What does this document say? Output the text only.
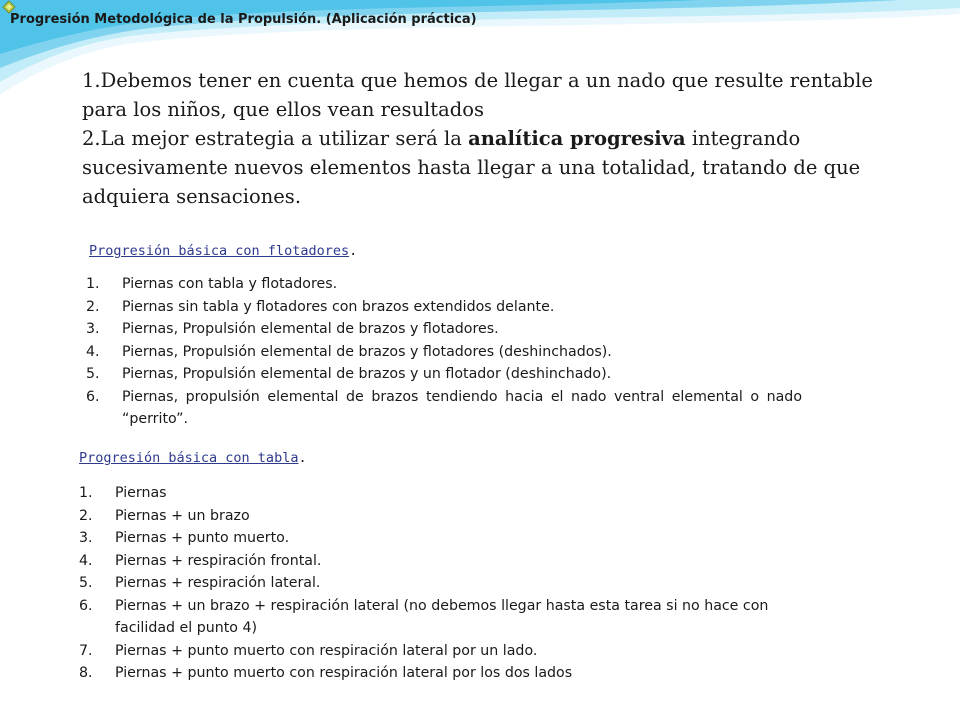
Progresión Metodológica de la Propulsión. (Aplicación práctica)

1.Debemos tener en cuenta que hemos de llegar a un nado que resulte rentable para los niños, que ellos vean resultados

2.La mejor estrategia a utilizar será la analítica progresiva integrando sucesivamente nuevos elementos hasta llegar a una totalidad, tratando de que adquiera sensaciones.

Progresión básica con flotadores.
1. Piernas con tabla y flotadores.
2. Piernas sin tabla y flotadores con brazos extendidos delante.
3. Piernas, Propulsión elemental de brazos y flotadores.
4. Piernas, Propulsión elemental de brazos y flotadores (deshinchados).
5. Piernas, Propulsión elemental de brazos y un flotador (deshinchado).
6. Piernas, propulsión elemental de brazos tendiendo hacia el nado ventral elemental o nado “perrito”.
Progresión básica con tabla.
1. Piernas
2. Piernas + un brazo
3. Piernas + punto muerto.
4. Piernas + respiración frontal.
5. Piernas + respiración lateral.
6. Piernas + un brazo + respiración lateral (no debemos llegar hasta esta tarea si no hace con facilidad el punto 4)
7. Piernas + punto muerto con respiración lateral por un lado.
8. Piernas + punto muerto con respiración lateral por los dos lados
